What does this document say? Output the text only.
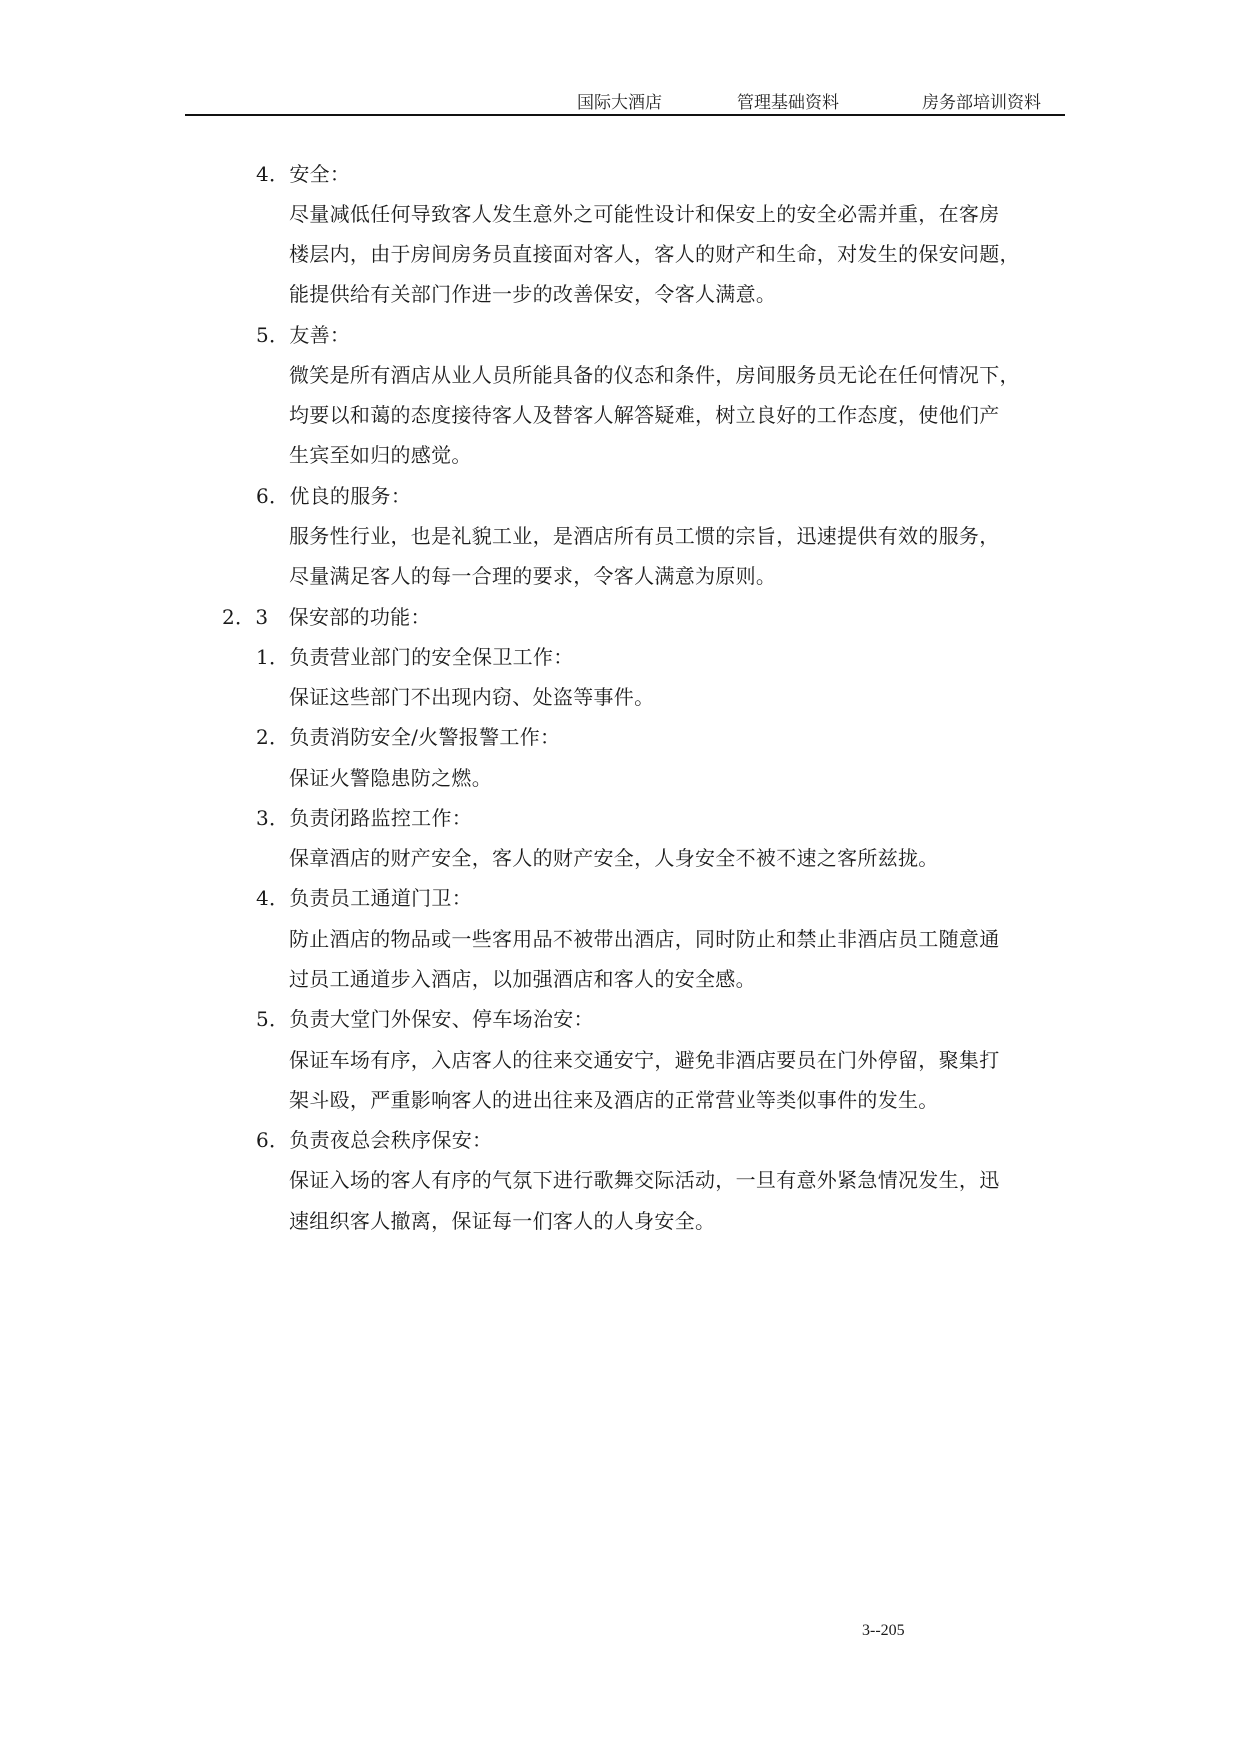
国际大酒店	管理基础资料	房务部培训资料
4．安全：
尽量减低任何导致客人发生意外之可能性设计和保安上的安全必需并重，在客房
楼层内，由于房间房务员直接面对客人，客人的财产和生命，对发生的保安问题，
能提供给有关部门作进一步的改善保安，令客人满意。
5．友善：
微笑是所有酒店从业人员所能具备的仪态和条件，房间服务员无论在任何情况下，
均要以和蔼的态度接待客人及替客人解答疑难，树立良好的工作态度，使他们产
生宾至如归的感觉。
6．优良的服务：
服务性行业，也是礼貌工业，是酒店所有员工惯的宗旨，迅速提供有效的服务，
尽量满足客人的每一合理的要求，令客人满意为原则。
2．3　保安部的功能：
1．负责营业部门的安全保卫工作：
保证这些部门不出现内窃、处盗等事件。
2．负责消防安全/火警报警工作：
保证火警隐患防之燃。
3．负责闭路监控工作：
保章酒店的财产安全，客人的财产安全，人身安全不被不速之客所兹拢。
4．负责员工通道门卫：
防止酒店的物品或一些客用品不被带出酒店，同时防止和禁止非酒店员工随意通
过员工通道步入酒店，以加强酒店和客人的安全感。
5．负责大堂门外保安、停车场治安：
保证车场有序，入店客人的往来交通安宁，避免非酒店要员在门外停留，聚集打
架斗殴，严重影响客人的进出往来及酒店的正常营业等类似事件的发生。
6．负责夜总会秩序保安：
保证入场的客人有序的气氛下进行歌舞交际活动，一旦有意外紧急情况发生，迅
速组织客人撤离，保证每一们客人的人身安全。
3--205
